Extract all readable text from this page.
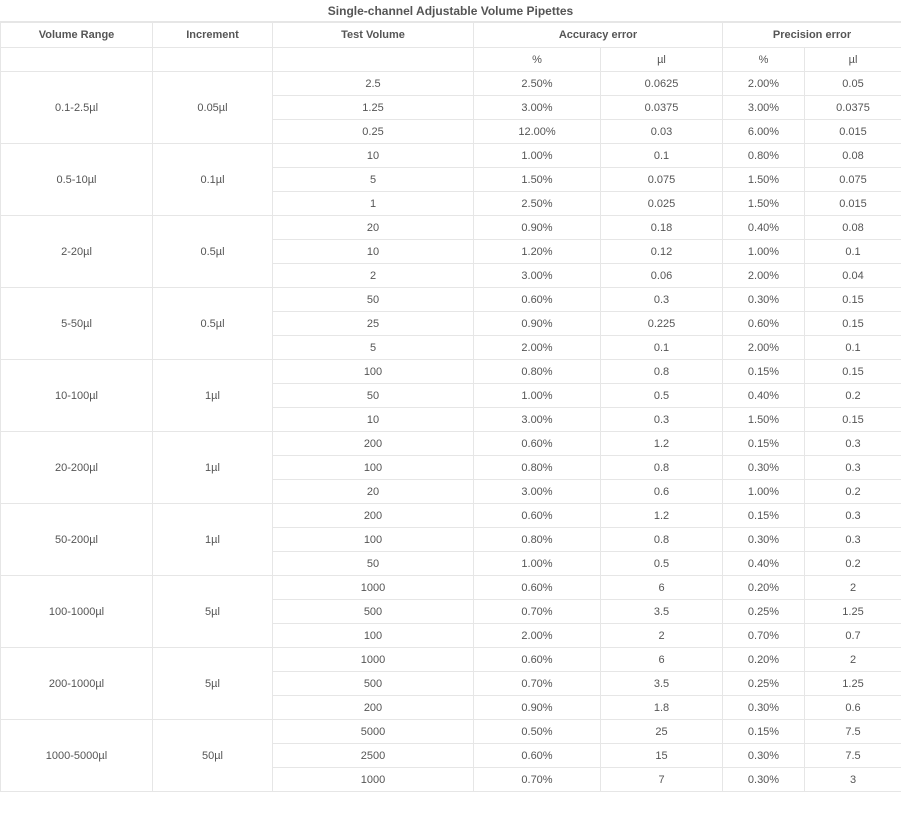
Single-channel Adjustable Volume Pipettes
Volume Range	Increment	Test Volume	Accuracy error		Precision error	
			%	µl	%	µl
0.1-2.5µl	0.05µl	2.5	2.50%	0.0625	2.00%	0.05
		1.25	3.00%	0.0375	3.00%	0.0375
		0.25	12.00%	0.03	6.00%	0.015
0.5-10µl	0.1µl	10	1.00%	0.1	0.80%	0.08
		5	1.50%	0.075	1.50%	0.075
		1	2.50%	0.025	1.50%	0.015
2-20µl	0.5µl	20	0.90%	0.18	0.40%	0.08
		10	1.20%	0.12	1.00%	0.1
		2	3.00%	0.06	2.00%	0.04
5-50µl	0.5µl	50	0.60%	0.3	0.30%	0.15
		25	0.90%	0.225	0.60%	0.15
		5	2.00%	0.1	2.00%	0.1
10-100µl	1µl	100	0.80%	0.8	0.15%	0.15
		50	1.00%	0.5	0.40%	0.2
		10	3.00%	0.3	1.50%	0.15
20-200µl	1µl	200	0.60%	1.2	0.15%	0.3
		100	0.80%	0.8	0.30%	0.3
		20	3.00%	0.6	1.00%	0.2
50-200µl	1µl	200	0.60%	1.2	0.15%	0.3
		100	0.80%	0.8	0.30%	0.3
		50	1.00%	0.5	0.40%	0.2
100-1000µl	5µl	1000	0.60%	6	0.20%	2
		500	0.70%	3.5	0.25%	1.25
		100	2.00%	2	0.70%	0.7
200-1000µl	5µl	1000	0.60%	6	0.20%	2
		500	0.70%	3.5	0.25%	1.25
		200	0.90%	1.8	0.30%	0.6
1000-5000µl	50µl	5000	0.50%	25	0.15%	7.5
		2500	0.60%	15	0.30%	7.5
		1000	0.70%	7	0.30%	3
